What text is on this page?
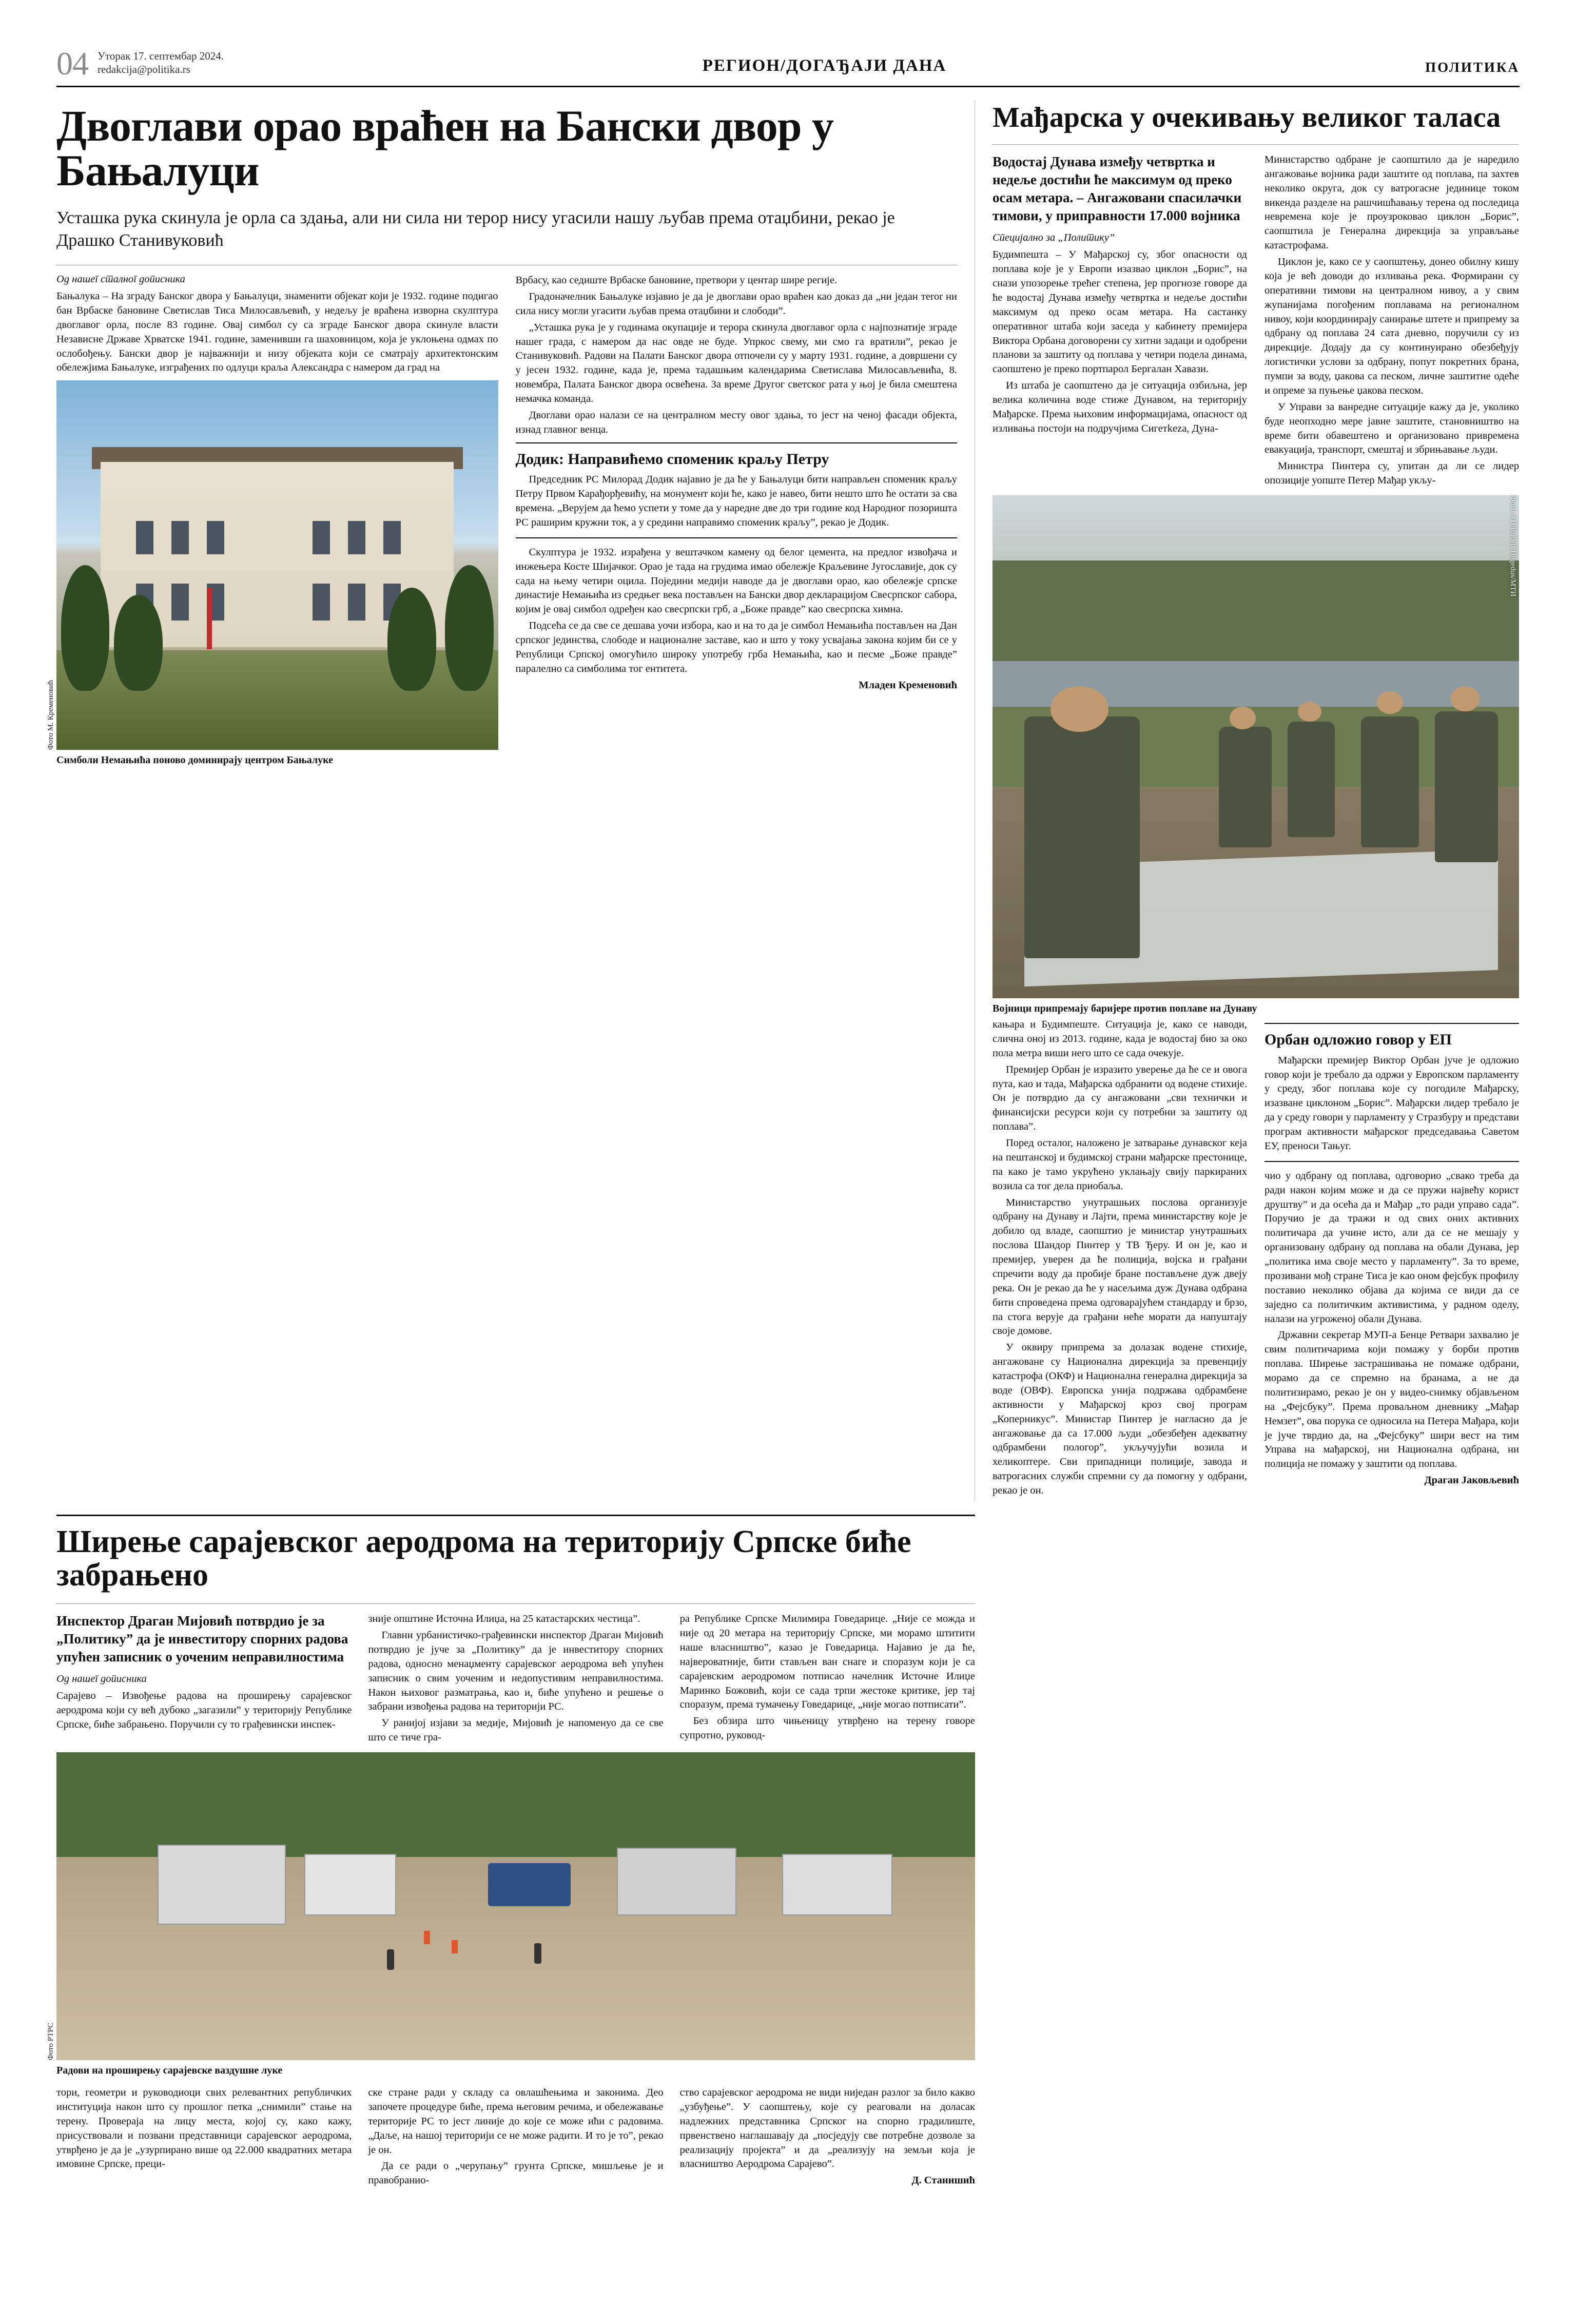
04 Уторак 17. септембар 2024.
redakcija@politika.rs	РЕГИОН/ДОГАЂАЈИ ДАНА	ПОЛИТИКА
Двоглави орао враћен на Бански двор у Бањалуци
Усташка рука скинула је орла са здања, али ни сила ни терор нису угасили нашу љубав према отаџбини, рекао је Драшко Станивуковић
Од нашег сталног дописника

Бањалука – На зграду Банског двора у Бањалуци, знаменити објекат који је 1932. године подигао бан Врбаске бановине Светислав Тиса Милосављевић, у недељу је враћена изворна скулптура двоглавог орла, после 83 године. Овај симбол су са зграде Банског двора скинуле власти Независне Државе Хрватске 1941. године, заменивши га шаховницом, која је уклоњена одмах по ослобођењу. Бански двор је најважнији и низу објеката који се сматрају архитектонским обележјима Бањалуке, изграђених по одлуци краља Александра с намером да град на

Фото М. Кременовић
Симболи Немањића поново доминирају центром Бањалуке

Врбасу, као седиште Врбаске бановине, претвори у центар шире регије.

Градоначелник Бањалуке изјавио је да је двоглави орао враћен као доказ да „ни један теror ни сила нису могли угасити љубав према отаџбини и слободи”.

„Усташка рука је у годинама окупације и терора скинула двоглавог орла с најпознатије зграде нашег града, с намером да нас овде не буде. Упркос свему, ми смо га вратили”, рекао је Станивуковић. Радови на Палати Банског двора отпочели су у марту 1931. године, а довршени су у јесен 1932. године, када је, према тадашњим календарима Светислава Милосављевића, 8. новембра, Палата Банског двора освећена. За време Другог светског рата у њој је била смештена немачка команда.

Двоглави орао налази се на централном месту овог здања, то јест на ченој фасади објекта, изнад главног венца.

Додик: Направићемо споменик краљу Петру
Председник РС Милорад Додик најавио је да ће у Бањалуци бити направљен споменик краљу Петру Првом Карађорђевићу, на монумент који ће, како је навео, бити нешто што ће остати за сва времена. „Верујем да ћемо успети у томе да у наредне две до три године код Народног позоришта РС раширим кружни ток, а у средини направимо споменик краљу”, рекао је Додик.

Скулптура је 1932. израђена у вештачком камену од белог цемента, на предлог извођача и инжењера Косте Шијачког. Орао је тада на грудима имао обележје Краљевине Југославије, док су сада на њему четири оцила. Поједини медији наводе да је двоглави орао, као обележје српске династије Немањића из средњег века постављен на Бански двор декларацијом Свесрпског сабора, којим је овај симбол одређен као свесрпски грб, а „Боже правде” као свесрпска химна.

Подсећа се да све се дешава уочи избора, као и на то да је симбол Немањића постављен на Дан српског јединства, слободе и националне заставе, као и што у току усвајања закона којим би се у Републици Српској омогућило широку употребу грба Немањића, као и песме „Боже правде” паралелно са симболима тог ентитета.

Младен Кременовић
Мађарска у очекивању великог таласа
Водостај Дунава између четвртка и недеље достићи ће максимум од преко осам метара. – Ангажовани спасилачки тимови, у приправности 17.000 војника
Специјално за „Политику”

Будимпешта – У Мађарској су, због опасности од поплава које је у Европи изазвао циклон „Борис”, на снази упозорење трећег степена, јер прогнозе говоре да ће водостај Дунава између четвртка и недеље достићи максимум од преко осам метара. На састанку оперативног штаба који заседа у кабинету премијера Виктора Орбана договорени су хитни задаци и одобрени планови за заштиту од поплава у четири подела динама, саопштено је преко портпарол Бергалан Хавази.

Из штаба је саопштено да је ситуација озбиљна, јер велика количина воде стиже Дунавом, на територију Мађарске. Према њиховим информацијама, опасност од изливања постоји на подручјима Сигетkezа, Дуна-

Министарство одбране је саопштило да је наредило ангажовање војника ради заштите од поплава, па захтев неколико округа, док су ватрогасне јединице током викенда разделе на рашчишћавању терена од последица невремена које је проузроковао циклон „Борис”, саопштила је Генерална дирекција за управљање катастрофама.

Циклон је, како се у саопштењу, донео обилну кишу која је већ доводи до изливања река. Формирани су оперативни тимови на централном нивоу, а у свим жупанијама погођеним поплавама на регионалном нивоу, који координирају санирање штете и припрему за одбрану од поплава 24 сата дневно, поручили су из дирекције. Додају да су континуирано обезбеђују логистички услови за одбрану, попут покретних брана, пумпи за воду, џакова са песком, личне заштитне одеће и опреме за пуњење џакова песком.

У Управи за ванредне ситуације кажу да је, уколико буде неопходно мере јавне заштите, становништво на време бити обавештено и организовано привремена евакуација, транспорт, смештај и збрињавање људи.

Министра Пинтера су, упитан да ли се лидер опозиције уопште Петер Мађар укљу-

Фото АП/Robert Hegedus/МТИ
Војници припремају баријере против поплаве на Дунаву

кањара и Будимпеште. Ситуација је, како се наводи, слична оној из 2013. године, када је водостај био за око пола метра виши него што се сада очекује.

Премијер Орбан је изразито уверење да ће се и овога пута, као и тада, Мађарска одбранити од водене стихије. Он је потврдио да су ангажовани „сви технички и финансијски ресурси који су потребни за заштиту од поплава”.

Поред осталог, наложено је затварање дунавског кеја на пештанској и будимској страни мађарске престонице, па како је тамо укрућено уклањају свију паркираних возила са тог дела приобаља.

Министарство унутрашњих послова организује одбрану на Дунаву и Лајти, према министарству које је добило од владе, саопштио је министар унутрашњих послова Шандор Пинтер у ТВ Ђеру. И он је, као и премијер, уверен да ће полиција, војска и грађани спречити воду да пробије бране постављене дуж двеју река. Он је рекао да ће у насељима дуж Дунава одбрана бити спроведена према одговарајућем стандарду и брзо, па стога верује да грађани неће морати да напуштају своје домове.

У оквиру припрема за долазак водене стихије, ангажоване су Национална дирекција за превенцију катастрофа (ОКФ) и Национална генерална дирекција за воде (ОВФ). Европска унија подржава одбрамбене активности у Мађарској кроз свој програм „Коперникус”. Министар Пинтер је нагласио да је ангажовање да са 17.000 људи „обезбеђен адекватну одбрамбени пологор”, укључујући возила и хеликоптере. Сви припадници полиције, завода и ватрогасних служби спремни су да помогну у одбрани, рекао је он.

Орбан одложио говор у ЕП
Мађарски премијер Виктор Орбан јуче је одложио говор који је требало да одржи у Европском парламенту у среду, због поплава које су погодиле Мађарску, изазване циклоном „Борис”. Мађарски лидер требало је да у среду говори у парламенту у Стразбуру и представи програм активности мађарског председавања Саветом ЕУ, преноси Тањуг.

чио у одбрану од поплава, одговорио „свако треба да ради након којим може и да се пружи највећу корист друштву” и да осећа да и Мађар „то ради управо сада”. Поручио је да тражи и од свих оних активних политичара да учине исто, али да се не мешају у организовану одбрану од поплава на обали Дунава, јер „политика има своје место у парламенту”. За то време, прозивани мођ стране Тиса је као оном фејсбук профилу поставио неколико објава да којима се види да се заједно са политичким активистима, у радном оделу, налази на угроженој обали Дунава.

Државни секретар МУП-а Бенце Ретвари захвалио је свим политичарима који помажу у борби против поплава. Ширење застрашивања не помаже одбрани, морамо да се спремно на бранама, а не да политизирамо, рекао је он у видео-снимку објављеном на „Фејсбуку”. Према проваљном дневнику „Мађар Немзет”, ова порука се односила на Петера Мађара, који је јуче тврдио да, на „Фејсбуку” шири вест на тим Управа на мађарској, ни Национална одбрана, ни полиција не помажу у заштити од поплава.

Драган Јаковљевић
Ширење сарајевског аеродрома на територију Српске биће забрањено
Инспектор Драган Мијовић потврдио је за „Политику” да је инвеститору спорних радова упућен записник о уоченим неправилностима
Од нашег дописника

Сарајево – Извођење радова на проширењу сарајевског аеродрома који су већ дубоко „загазили” у територију Републике Српске, биће забрањено. Поручили су то грађевински инспек-

зније општине Источна Илиџа, на 25 катастарских честица”.

Главни урбанистичко-грађевински инспектор Драган Мијовић потврдио је јуче за „Политику” да је инвеститору спорних радова, односно менаџменту сарајевског аеродрома већ упућен записник о свим уоченим и недопустивим неправилностима. Након њиховог разматрања, као и, биће упућено и решење о забрани извођења радова на територији РС.

У ранијој изјави за медије, Мијовић је напоменуо да се све што се тиче гра-

ра Републике Српске Милимира Говедарице. „Није се можда и није од 20 метара на територију Српске, ми морамо штитити наше власништво”, казао је Говедарица. Најавио је да ће, највероватније, бити стављен ван снаге и споразум који је са сарајевским аеродромом потписао начелник Источне Илиџе Маринко Божовић, који се сада трпи жестоке критике, јер тај споразум, према тумачењу Говедарице, „није могао потписати”.

Без обзира што чињеницу утврђено на терену говоре супротно, руковод-

Фото РТРС
Радови на проширењу сарајевске ваздушне луке

тори, геометри и руководиоци свих релевантних републичких институција након што су прошлог петка „снимили” стање на терену. Провераја на лицу места, којој су, како кажу, присуствовали и позвани представници сарајевског аеродрома, утврђено је да је „узурпирано више од 22.000 квадратних метара имовине Српске, преци-

ске стране ради у складу са овлашћењима и законима. Део започете процедуре биће, према његовим речима, и обележавање територије РС то јест линије до које се може ићи с радовима. „Даље, на нашој територији се не може радити. И то је то”, рекао је он.

Да се ради о „черупању” грунта Српске, мишљење је и правобранио-

ство сарајевског аеродрома не види ниједан разлог за било какво „узбуђење”. У саопштењу, које су реаговали на доласак надлежних представника Српског на спорно градилиште, првенствено наглашавају да „посједују све потребне дозволе за реализацију пројекта” и да „реализују на земљи која је власништво Аеродрома Сарајево”.

Д. Станишић
